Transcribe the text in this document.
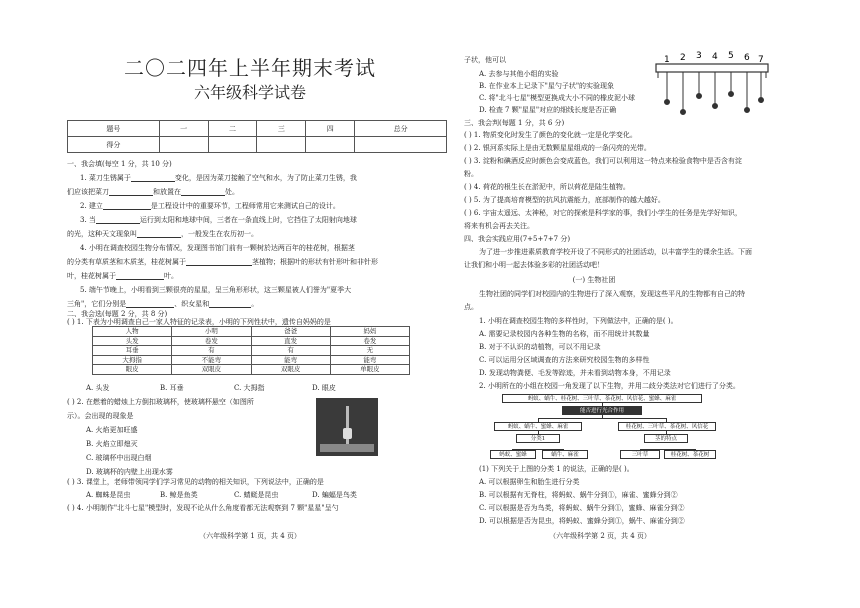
二〇二四年上半年期末考试
六年级科学试卷
题号	一	二	三	四	总分
得分					
一、我会填(每空 1 分，共 10 分)
1. 菜刀生锈属于	变化，是因为菜刀接触了空气和水，为了防止菜刀生锈，我
们应该把菜刀	和放置在	处。
2. 建立	是工程设计中的重要环节，工程师常用它来测试自己的设计。
3. 当	运行到太阳和地球中间，三者在一条直线上时，它挡住了太阳射向地球
的光，这种天文现象叫	，一般发生在农历初一。
4. 小明在调查校园生物分布情况，发现图书馆门前有一颗树於达两百年的桂花树，根据茎
的分类有草质茎和木质茎，桂花树属于	茎植物；根据叶的形状有针形叶和非针形
叶，桂花树属于	叶。
5. 端午节晚上，小明看到三颗很亮的星星，呈三角形形状，这三颗星被人们誉为"夏季大
三角"，它们分别是	、织女星和	。
二、我会选(每题 2 分，共 8 分)
( ) 1. 下表为小明调查自己一家人特征的记录表，小明的下列性状中，遗传自妈妈的是
人物	小明	爸爸	妈妈
头发	卷发	直发	卷发
耳垂	有	有	无
大拇指	不能弯	能弯	能弯
眼皮	双眼皮	双眼皮	单眼皮
A. 头发	B. 耳垂	C. 大拇指	D. 眼皮
( ) 2. 在燃着的蜡烛上方倒扣玻璃杯，使玻璃杯悬空（如图所
示）。会出现的现象是
A. 火焰更加旺盛
B. 火焰立即熄灭
C. 玻璃杯中出现白烟
D. 玻璃杯的内壁上出现水雾
( ) 3. 课堂上，老师带领同学们学习常见的动物的相关知识，下列说法中，正确的是
A. 蜘蛛是昆虫	B. 鲸是鱼类	C. 蜻蜓是昆虫	D. 蝙蝠是鸟类
( ) 4. 小明制作"北斗七星"模型时，发现不论从什么角度看都无法观察到 7 颗"星星"呈勺
（六年级科学第 1 页，共 4 页）
子状，他可以
A. 去参与其他小组的实验
B. 在作业本上记录下"星勺子状"的实验现象
C. 将"北斗七星"模型更换成大小不同的橡皮泥小球
D. 检查 7 颗"星星"对应的细线长度是否正确
1 2 3 4 5 6 7
三、我会判(每题 1 分，共 6 分)
( ) 1. 物质变化时发生了颜色的变化就一定是化学变化。
( ) 2. 银河系实际上是由无数颗星星组成的一条闪亮的光带。
( ) 3. 淀粉和碘酒反应时颜色会变成蓝色，我们可以利用这一特点来检验食物中是否含有淀
粉。
( ) 4. 荷花的根生长在淤泥中，所以荷花是陆生植物。
( ) 5. 为了提高培育模型的抗风抗震能力，底部制作的越大越好。
( ) 6. 宇宙太遥远、太神秘，对它的探索是科学家的事，我们小学生的任务是先学好知识，
将来有机会再去关注。
四、我会实践应用(7+5+7+7 分)
为了进一步推进素质教育学校开设了不同形式的社团活动，以丰富学生的课余生活。下面
让我们和小明一起去体验多彩的社团活动吧！
(一) 生物社团
生物社团的同学们对校园内的生物进行了深入观察，发现这些平凡的生物都有自己的特
点。
1. 小明在调查校园生物的多样性时，下列做法中，正确的是( )。
A. 需要记录校园内各种生物的名称，而不用统计其数量
B. 对于不认识的动植物，可以不用记录
C. 可以运用分区域调查的方法来研究校园生物的多样性
D. 发现动物粪便、毛发等踪迹，并未看到动物本身，不用记录
2. 小明所在的小组在校园一角发现了以下生物，并用二歧分类法对它们进行了分类。
蚂蚁、蜗牛、桂花树、三叶草、茶花树、风信花、蜜蜂、麻雀
能否进行光合作用
蚂蚁、蜗牛、蜜蜂、麻雀	桂花树、三叶草、茶花树、风信花
分类1	茎的特点
蚂蚁、蜜蜂	蜗牛、麻雀	三叶草	桂花树、茶花树
(1) 下列关于上图的分类 1 的说法，正确的是( )。
A. 可以根据卵生和胎生进行分类
B. 可以根据有无脊柱，将蚂蚁、蜗牛分到①，麻雀、蜜蜂分到②
C. 可以根据是否为鸟类，将蚂蚁、蜗牛分到①，蜜蜂、麻雀分到②
D. 可以根据是否为昆虫，将蚂蚁、蜜蜂分到①，蜗牛、麻雀分到②
（六年级科学第 2 页，共 4 页）
